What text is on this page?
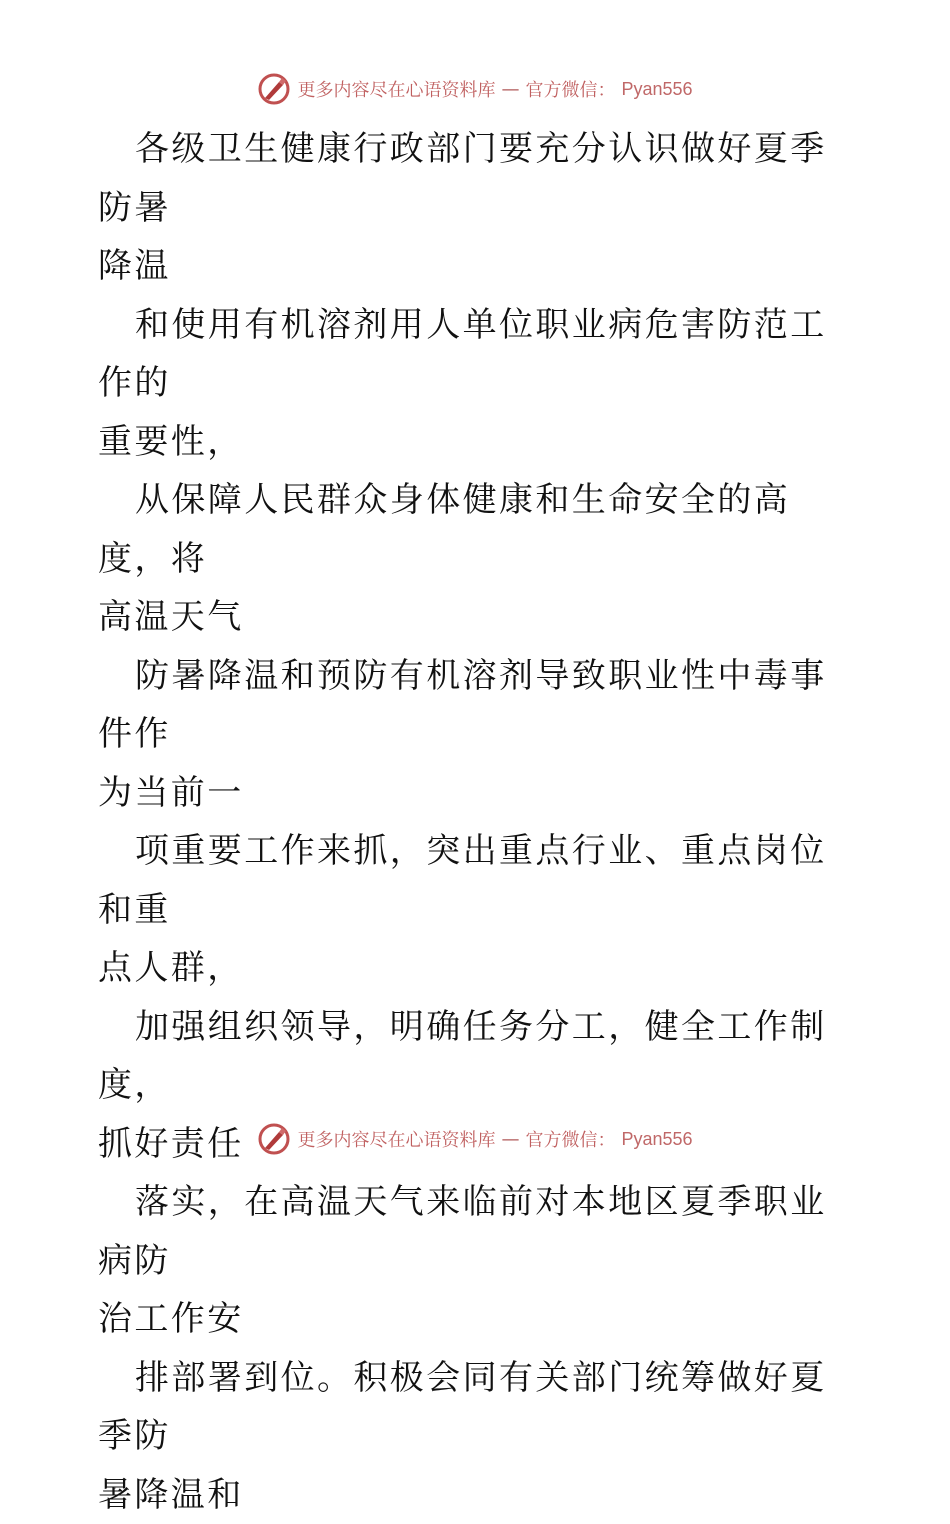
更多内容尽在心语资料库 — 官方微信： Pyan556

各级卫生健康行政部门要充分认识做好夏季防暑
降温

和使用有机溶剂用人单位职业病危害防范工作的
重要性，

从保障人民群众身体健康和生命安全的高度，将
高温天气

防暑降温和预防有机溶剂导致职业性中毒事件作
为当前一

项重要工作来抓，突出重点行业、重点岗位和重
点人群，

加强组织领导，明确任务分工，健全工作制度，
抓好责任

落实，在高温天气来临前对本地区夏季职业病防
治工作安

排部署到位。积极会同有关部门统筹做好夏季防
暑降温和

更多内容尽在心语资料库 — 官方微信： Pyan556
